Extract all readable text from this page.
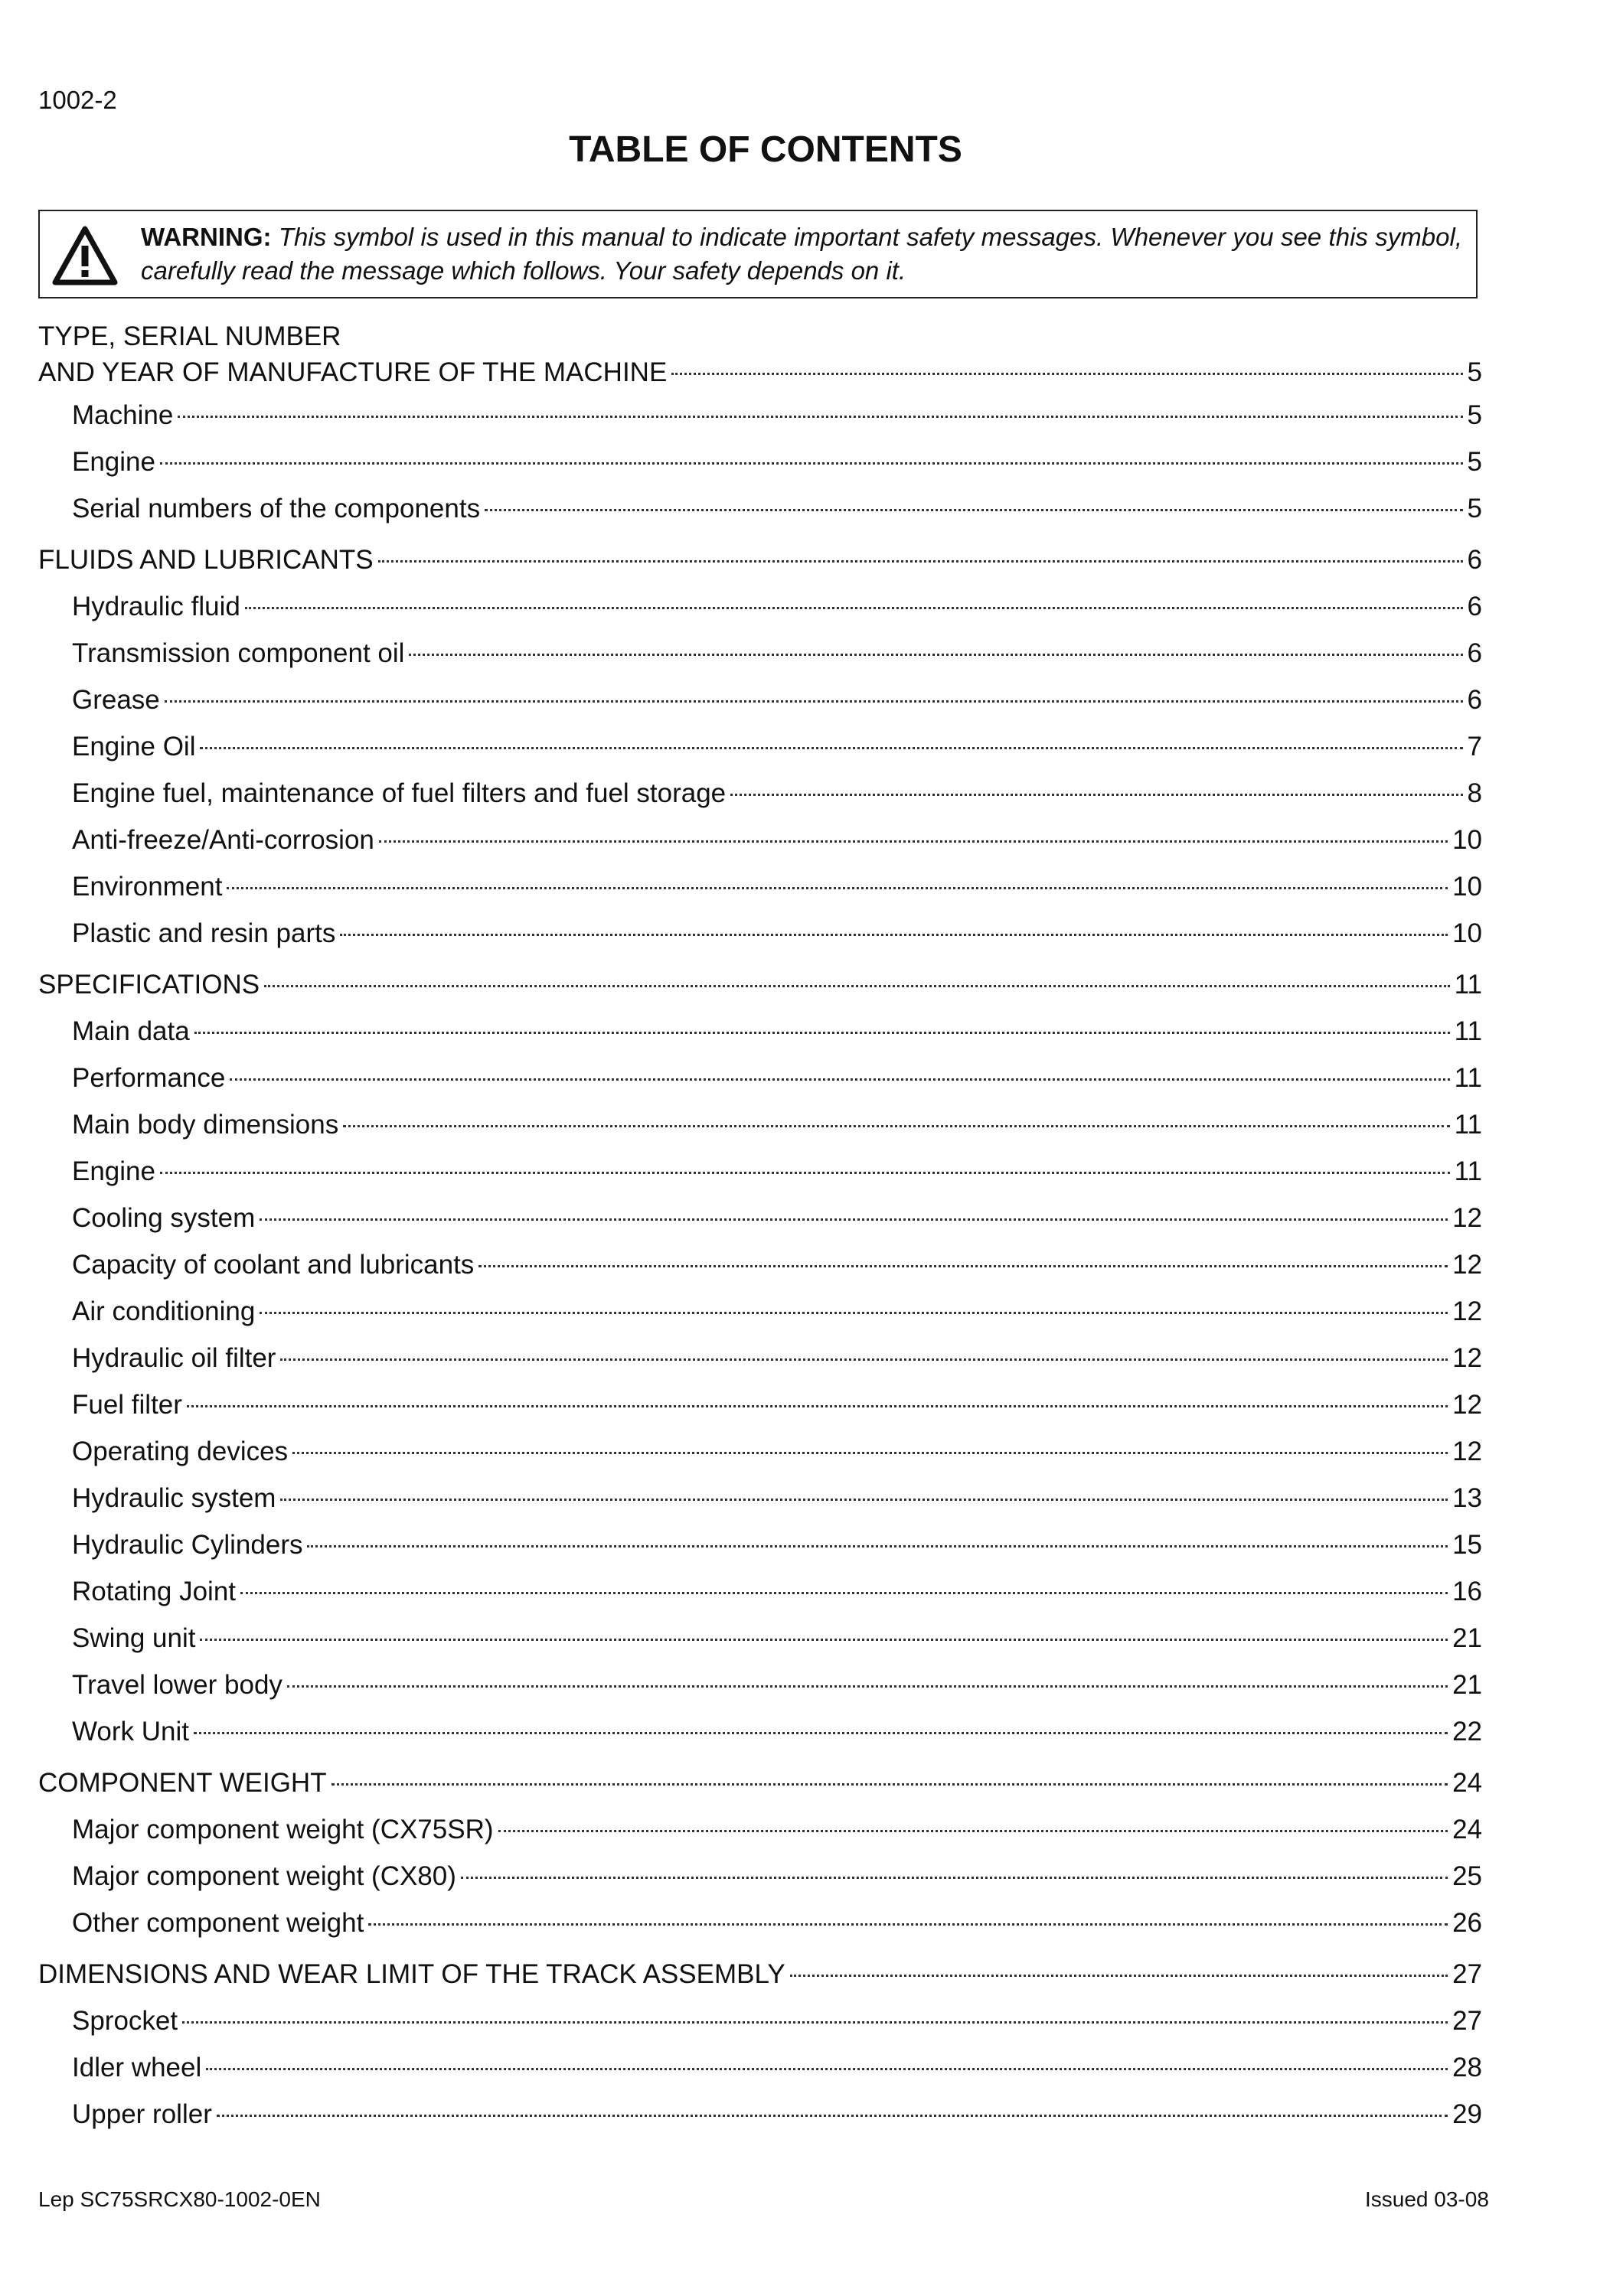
1002-2
TABLE OF CONTENTS
WARNING: This symbol is used in this manual to indicate important safety messages. Whenever you see this symbol, carefully read the message which follows. Your safety depends on it.
TYPE, SERIAL NUMBER
AND YEAR OF MANUFACTURE OF THE MACHINE	5
Machine	5
Engine	5
Serial numbers of the components	5
FLUIDS AND LUBRICANTS	6
Hydraulic fluid	6
Transmission component oil	6
Grease	6
Engine Oil	7
Engine fuel, maintenance of fuel filters and fuel storage	8
Anti-freeze/Anti-corrosion	10
Environment	10
Plastic and resin parts	10
SPECIFICATIONS	11
Main data	11
Performance	11
Main body dimensions	11
Engine	11
Cooling system	12
Capacity of coolant and lubricants	12
Air conditioning	12
Hydraulic oil filter	12
Fuel filter	12
Operating devices	12
Hydraulic system	13
Hydraulic Cylinders	15
Rotating Joint	16
Swing unit	21
Travel lower body	21
Work Unit	22
COMPONENT WEIGHT	24
Major component weight (CX75SR)	24
Major component weight (CX80)	25
Other component weight	26
DIMENSIONS AND WEAR LIMIT OF THE TRACK ASSEMBLY	27
Sprocket	27
Idler wheel	28
Upper roller	29
Lep SC75SRCX80-1002-0EN	Issued 03-08
